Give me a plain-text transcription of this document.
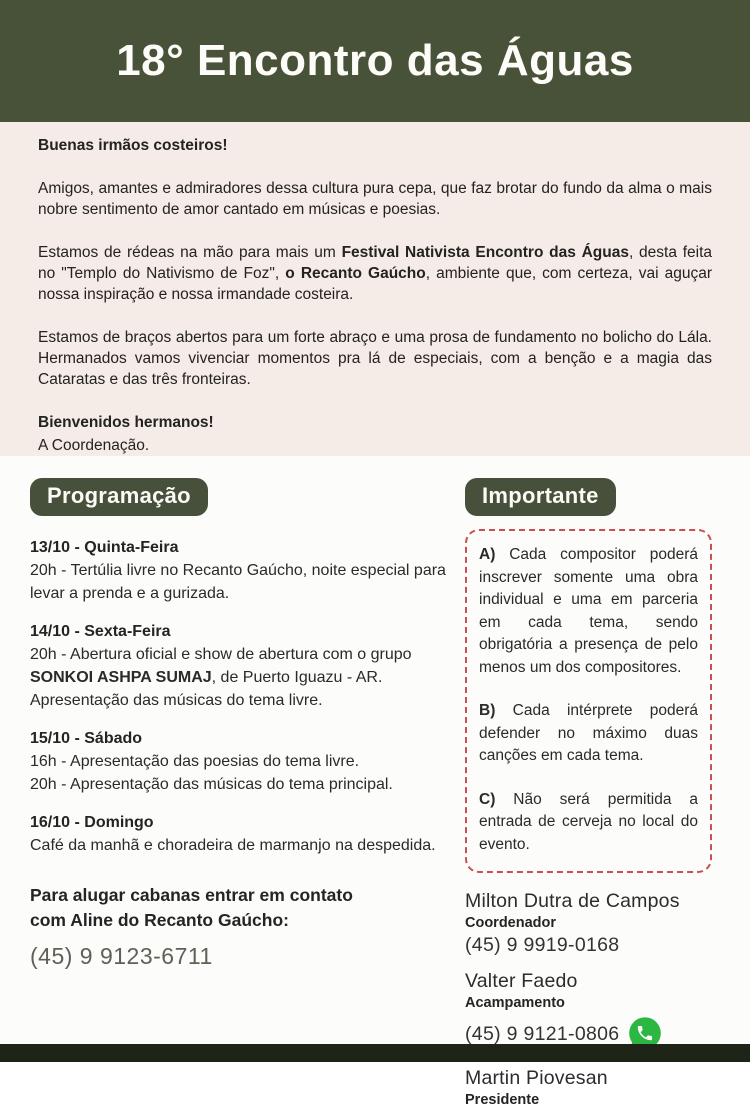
18° Encontro das Águas

Buenas irmãos costeiros!

Amigos, amantes e admiradores dessa cultura pura cepa, que faz brotar do fundo da alma o mais nobre sentimento de amor cantado em músicas e poesias.

Estamos de rédeas na mão para mais um Festival Nativista Encontro das Águas, desta feita no "Templo do Nativismo de Foz", o Recanto Gaúcho, ambiente que, com certeza, vai aguçar nossa inspiração e nossa irmandade costeira.

Estamos de braços abertos para um forte abraço e uma prosa de fundamento no bolicho do Lála. Hermanados vamos vivenciar momentos pra lá de especiais, com a benção e a magia das Cataratas e das três fronteiras.

Bienvenidos hermanos!

A Coordenação.

Programação
13/10 - Quinta-Feira
20h - Tertúlia livre no Recanto Gaúcho, noite especial para levar a prenda e a gurizada.
14/10 - Sexta-Feira
20h - Abertura oficial e show de abertura com o grupo SONKOI ASHPA SUMAJ, de Puerto Iguazu - AR. Apresentação das músicas do tema livre.
15/10 - Sábado
16h - Apresentação das poesias do tema livre.
20h - Apresentação das músicas do tema principal.
16/10 - Domingo
Café da manhã e choradeira de marmanjo na despedida.
Para alugar cabanas entrar em contato
com Aline do Recanto Gaúcho:
(45) 9 9123-6711
Importante
A) Cada compositor poderá inscrever somente uma obra individual e uma em parceria em cada tema, sendo obrigatória a presença de pelo menos um dos compositores.
B) Cada intérprete poderá defender no máximo duas canções em cada tema.
C) Não será permitida a entrada de cerveja no local do evento.
Milton Dutra de Campos
Coordenador
(45) 9 9919-0168
Valter Faedo
Acampamento
(45) 9 9121-0806
Martin Piovesan
Presidente
